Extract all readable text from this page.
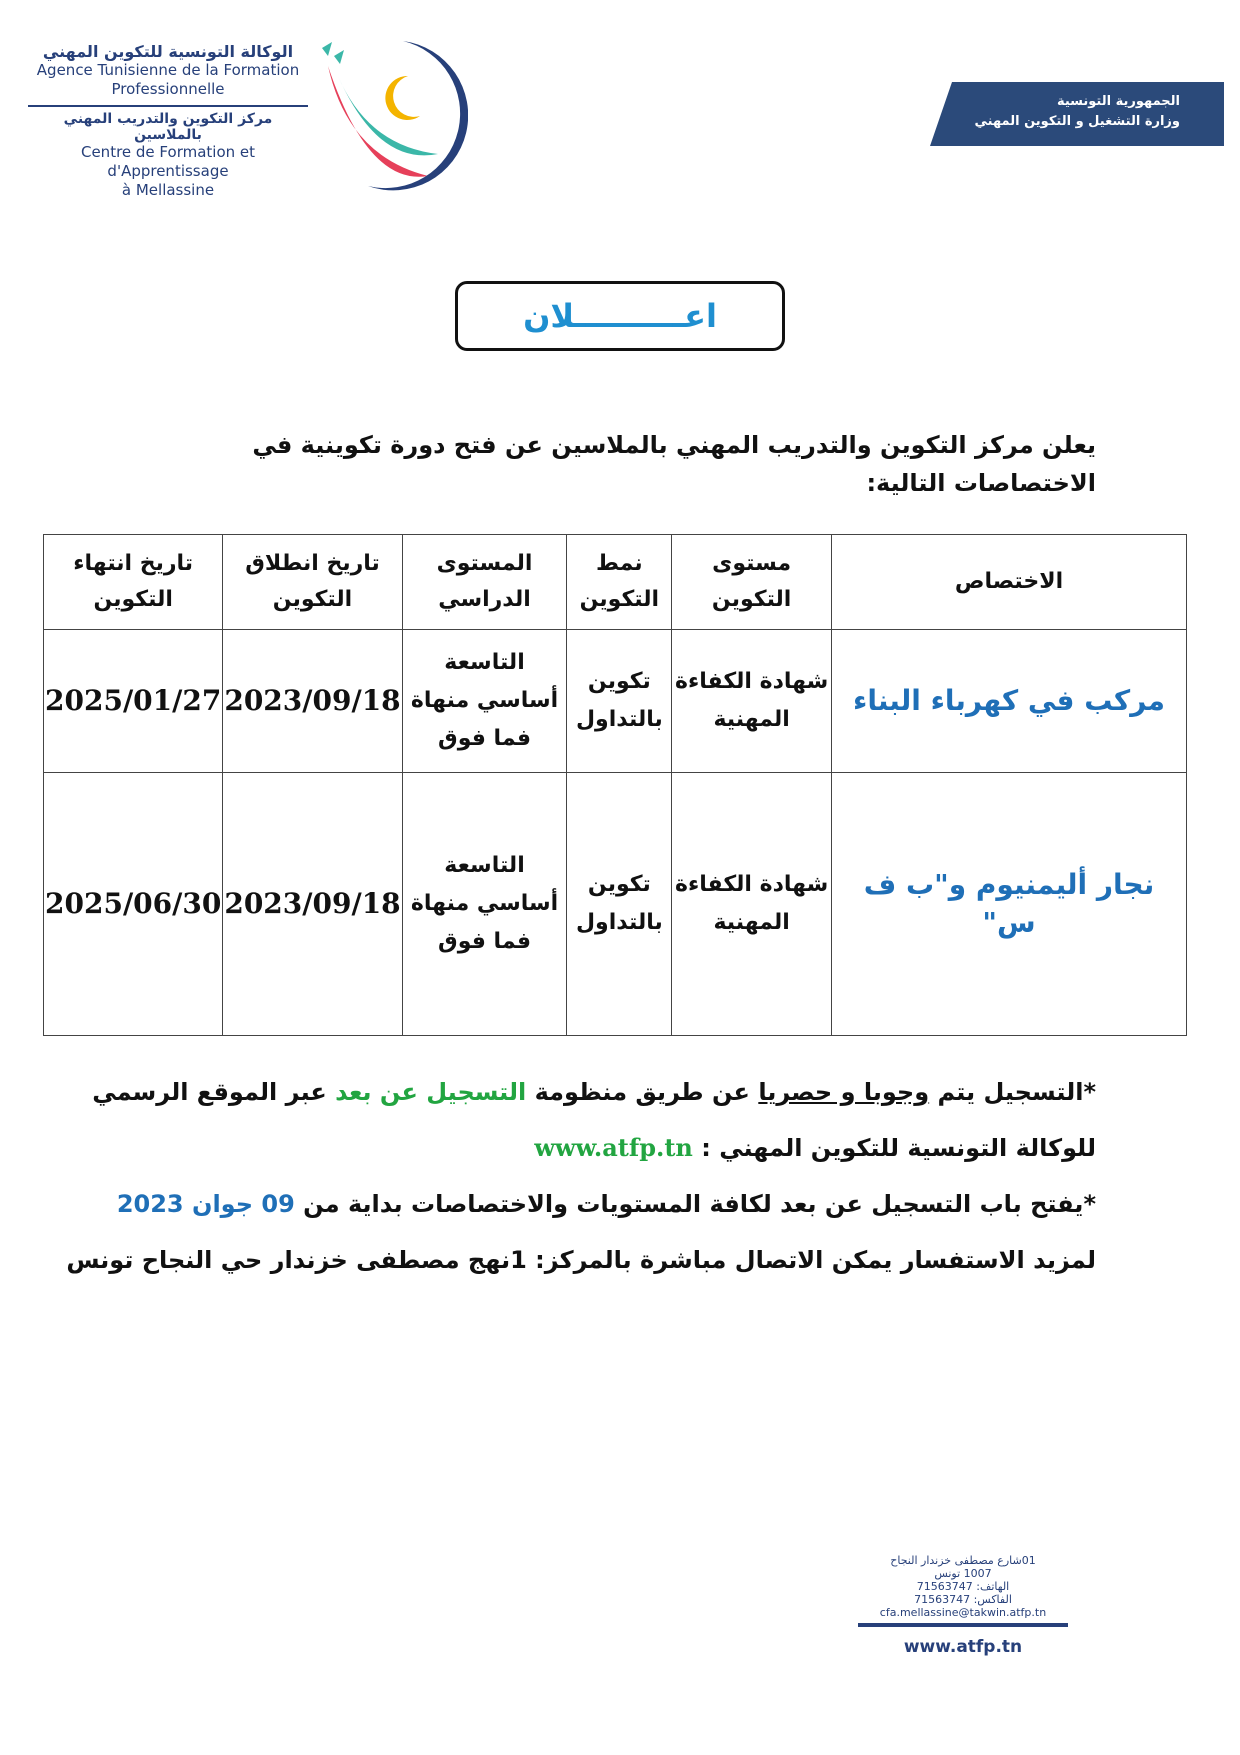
الوكالة التونسية للتكوين المهني
Agence Tunisienne de la Formation
Professionnelle
مركز التكوين والتدريب المهني بالملاسين
Centre de Formation et d'Apprentissage
à Mellassine
الجمهورية التونسية
وزارة التشغيل و التكوين المهني
اعــــــــــلان
يعلن مركز التكوين والتدريب المهني بالملاسين عن فتح دورة تكوينية في الاختصاصات التالية:
الاختصاص	مستوى التكوين	نمط التكوين	المستوى الدراسي	تاريخ انطلاق التكوين	تاريخ انتهاء التكوين
مركب في كهرباء البناء	شهادة الكفاءة المهنية	تكوين بالتداول	التاسعة أساسي منهاة فما فوق	2023/09/18	2025/01/27
نجار أليمنيوم و"ب ف س"	شهادة الكفاءة المهنية	تكوين بالتداول	التاسعة أساسي منهاة فما فوق	2023/09/18	2025/06/30
*التسجيل يتم وجوبا و حصريا عن طريق منظومة التسجيل عن بعد عبر الموقع الرسمي
للوكالة التونسية للتكوين المهني : www.atfp.tn
*يفتح باب التسجيل عن بعد لكافة المستويات والاختصاصات بداية من 09 جوان 2023
لمزيد الاستفسار يمكن الاتصال مباشرة بالمركز: 1نهج مصطفى خزندار حي النجاح تونس
01شارع مصطفى خزندار النجاح
1007 تونس
الهاتف: 71563747
الفاكس: 71563747
cfa.mellassine@takwin.atfp.tn
www.atfp.tn
